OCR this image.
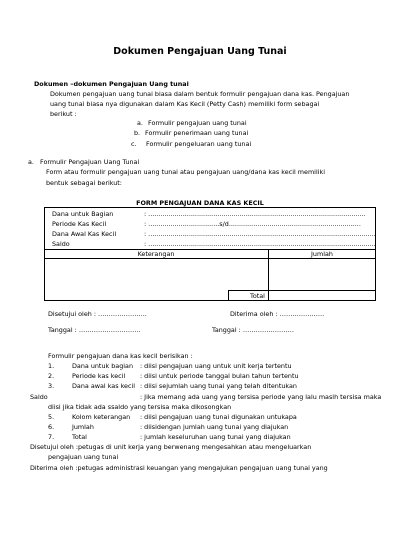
Dokumen Pengajuan Uang Tunai
Dokumen –dokumen Pengajuan Uang tunai
Dokumen pengajuan uang tunai biasa dalam bentuk formulir pengajuan dana kas. Pengajuan
uang tunai biasa nya digunakan dalam Kas Kecil (Petty Cash) memiliki form sebagai
berikut :
a. Formulir pengajuan uang tunai
b. Formulir penerimaan uang tunai
c. Formulir pengeluaran uang tunai
a. Formulir Pengajuan Uang Tunai
Form atau formulir pengajuan uang tunai atau pengajuan uang/dana kas kecil memiliki
bentuk sebagai berikut:
FORM PENGAJUAN DANA KAS KECIL
Dana untuk Bagian	: ...........................................................................................................
Periode Kas Kecil	: ...................................s/d.................................................................
Dana Awal Kas Kecil	: ................................................................................................................
Saldo	: ................................................................................................................
Keterangan	Jumlah
Total
Disetujui oleh : …………………..	Diterima oleh : …………………
Tanggal : ………………………..	Tanggal : ……………………
Formulir pengajuan dana kas kecil berisikan :
1.	Dana untuk bagian : diisi pengajuan uang untuk unit kerja tertentu
2.	Periode kas kecil : diisi untuk periode tanggal bulan tahun tertentu
3.	Dana awal kas kecil : diisi sejumlah uang tunai yang telah ditentukan
Saldo	: Jika memang ada uang yang tersisa periode yang lalu masih tersisa maka
diisi jika tidak ada ssaldo yang tersisa maka dikosongkan
5.	Kolom keterangan : diisi pengajuan uang tunai digunakan untukapa
6.	Jumlah	: diisidengan jumlah uang tunai yang diajukan
7.	Total	: jumlah keseluruhan uang tunai yang diajukan
Disetujui oleh :petugas di unit kerja yang berwenang mengesahkan atau mengeluarkan
pengajuan uang tunai
Diterima oleh :petugas administrasi keuangan yang mengajukan pengajuan uang tunai yang
